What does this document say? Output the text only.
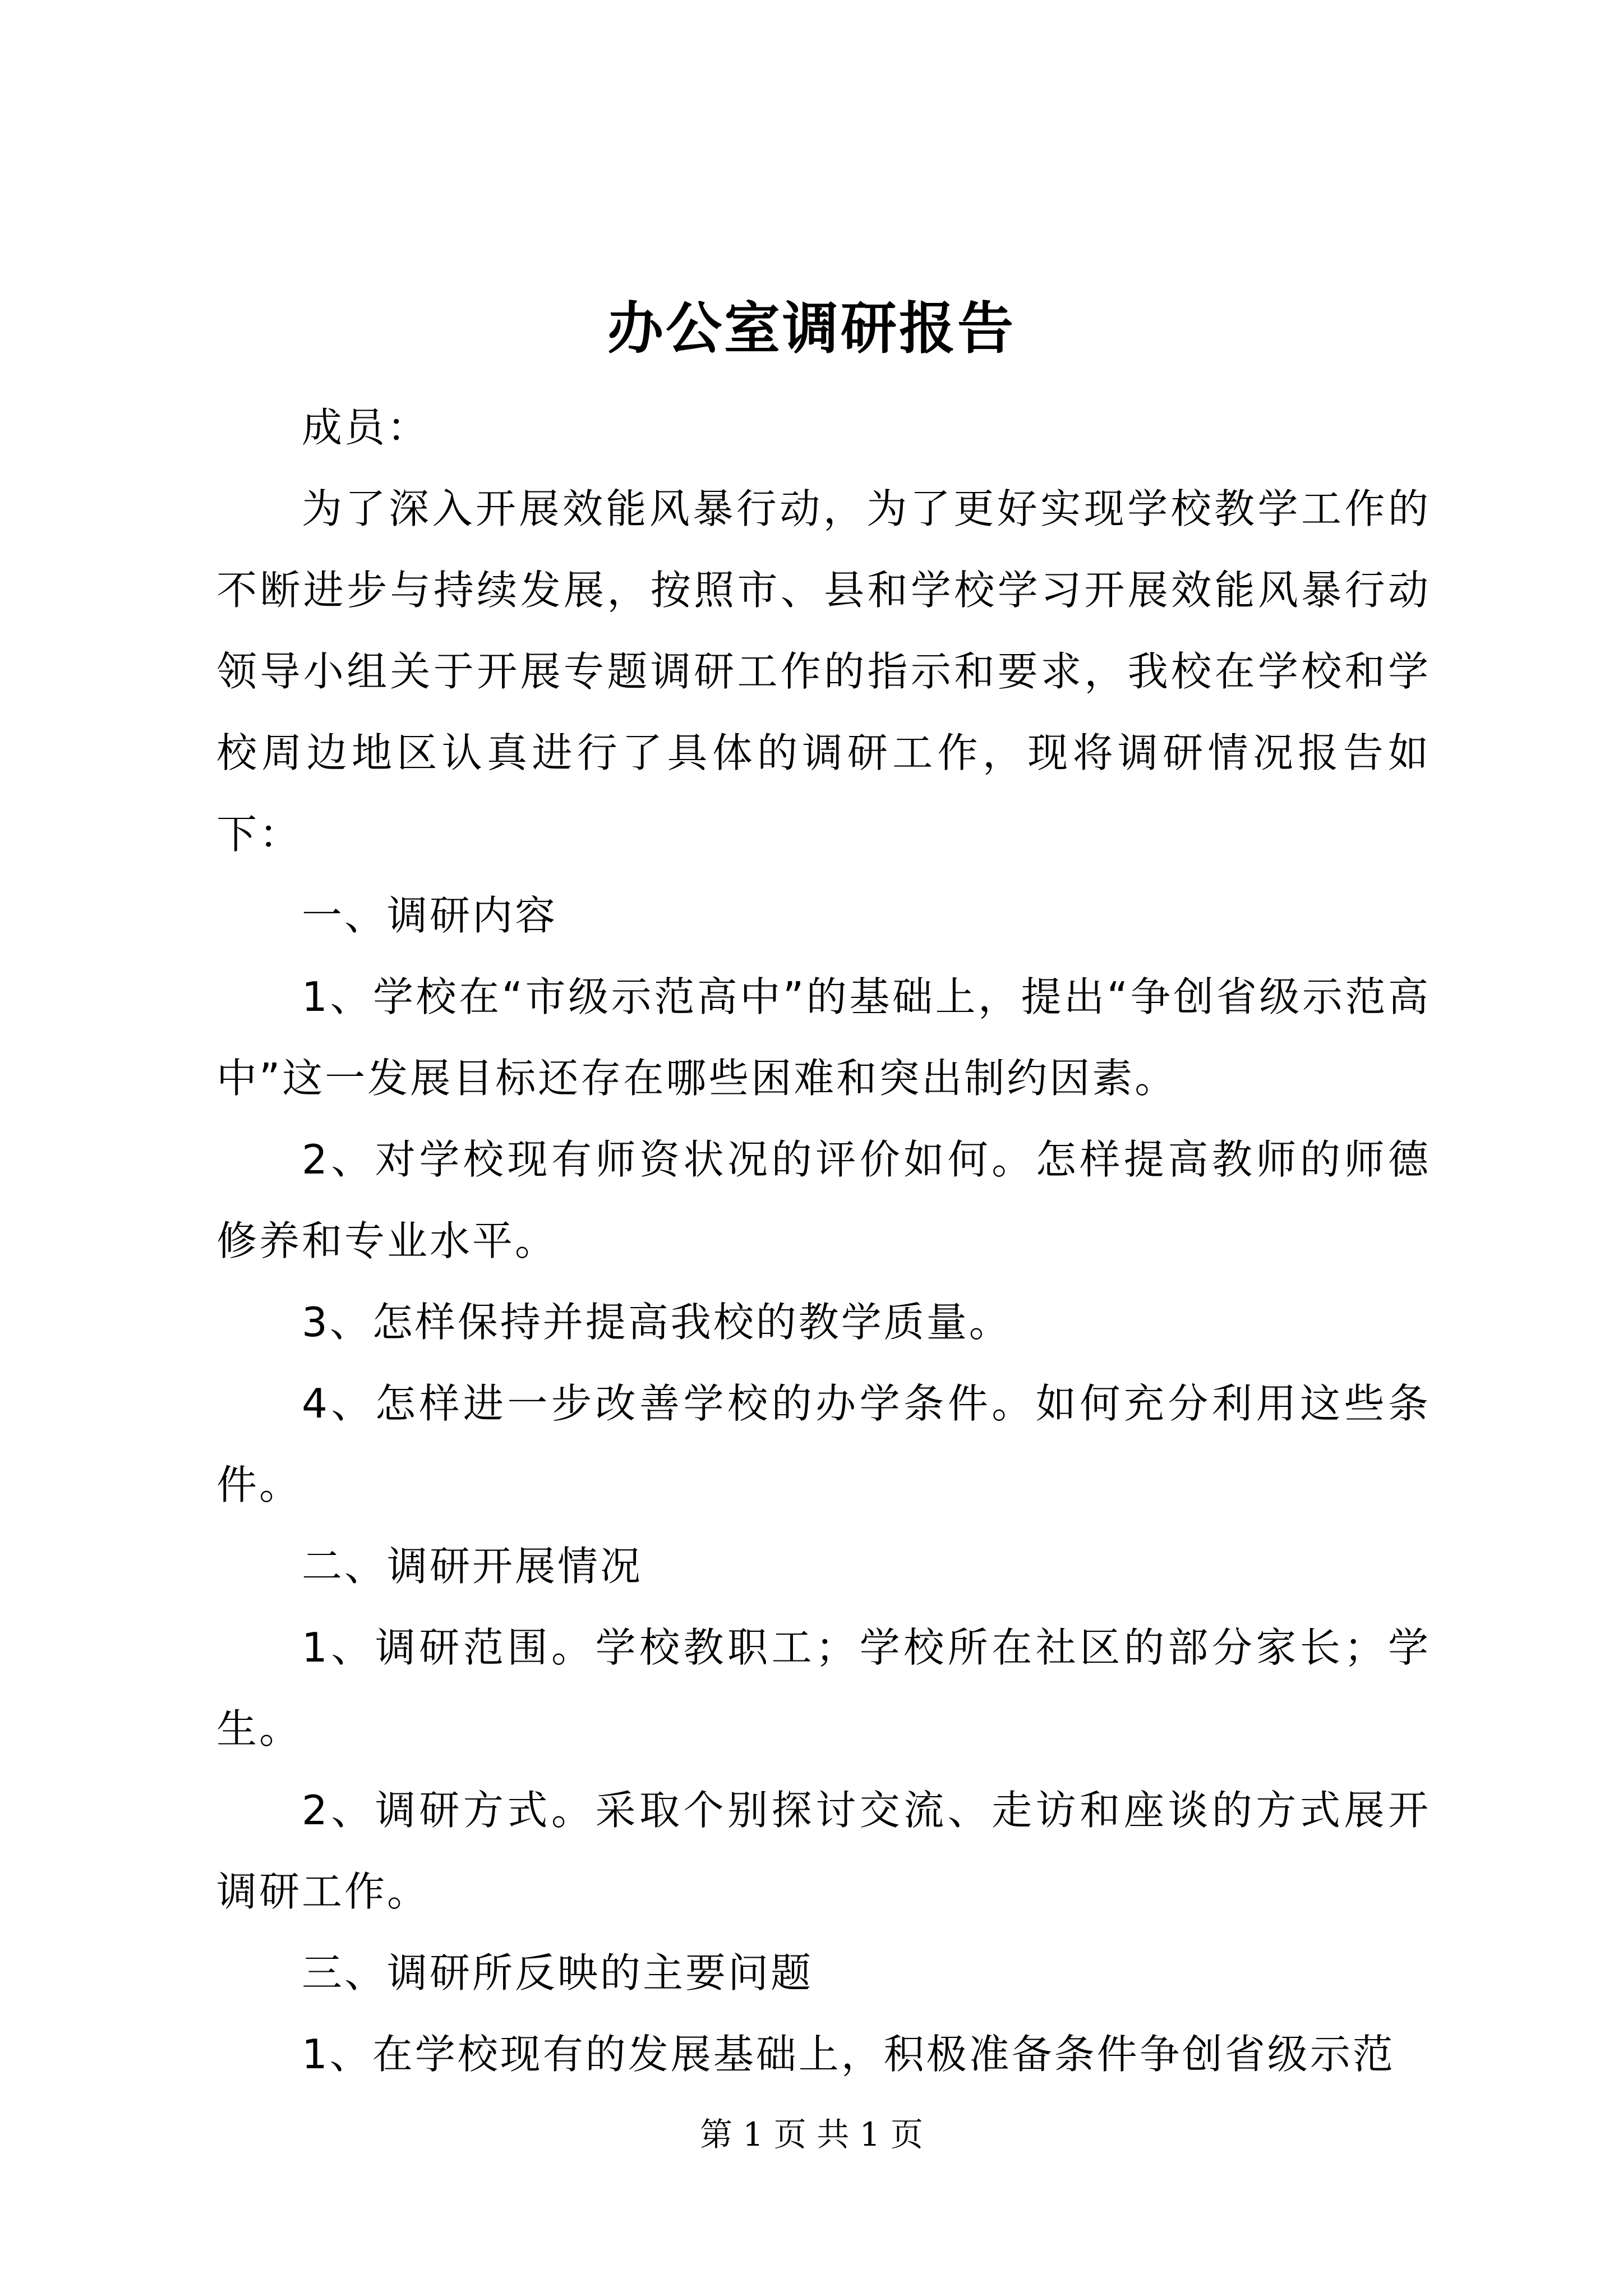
办公室调研报告

成员：

为了深入开展效能风暴行动，为了更好实现学校教学工作的不断进步与持续发展，按照市、县和学校学习开展效能风暴行动领导小组关于开展专题调研工作的指示和要求，我校在学校和学校周边地区认真进行了具体的调研工作，现将调研情况报告如下：

一、调研内容

1、学校在“市级示范高中”的基础上，提出“争创省级示范高中”这一发展目标还存在哪些困难和突出制约因素。

2、对学校现有师资状况的评价如何。怎样提高教师的师德修养和专业水平。

3、怎样保持并提高我校的教学质量。

4、怎样进一步改善学校的办学条件。如何充分利用这些条件。

二、调研开展情况

1、调研范围。学校教职工；学校所在社区的部分家长；学生。

2、调研方式。采取个别探讨交流、走访和座谈的方式展开调研工作。

三、调研所反映的主要问题

1、在学校现有的发展基础上，积极准备条件争创省级示范

第 1 页 共 1 页
